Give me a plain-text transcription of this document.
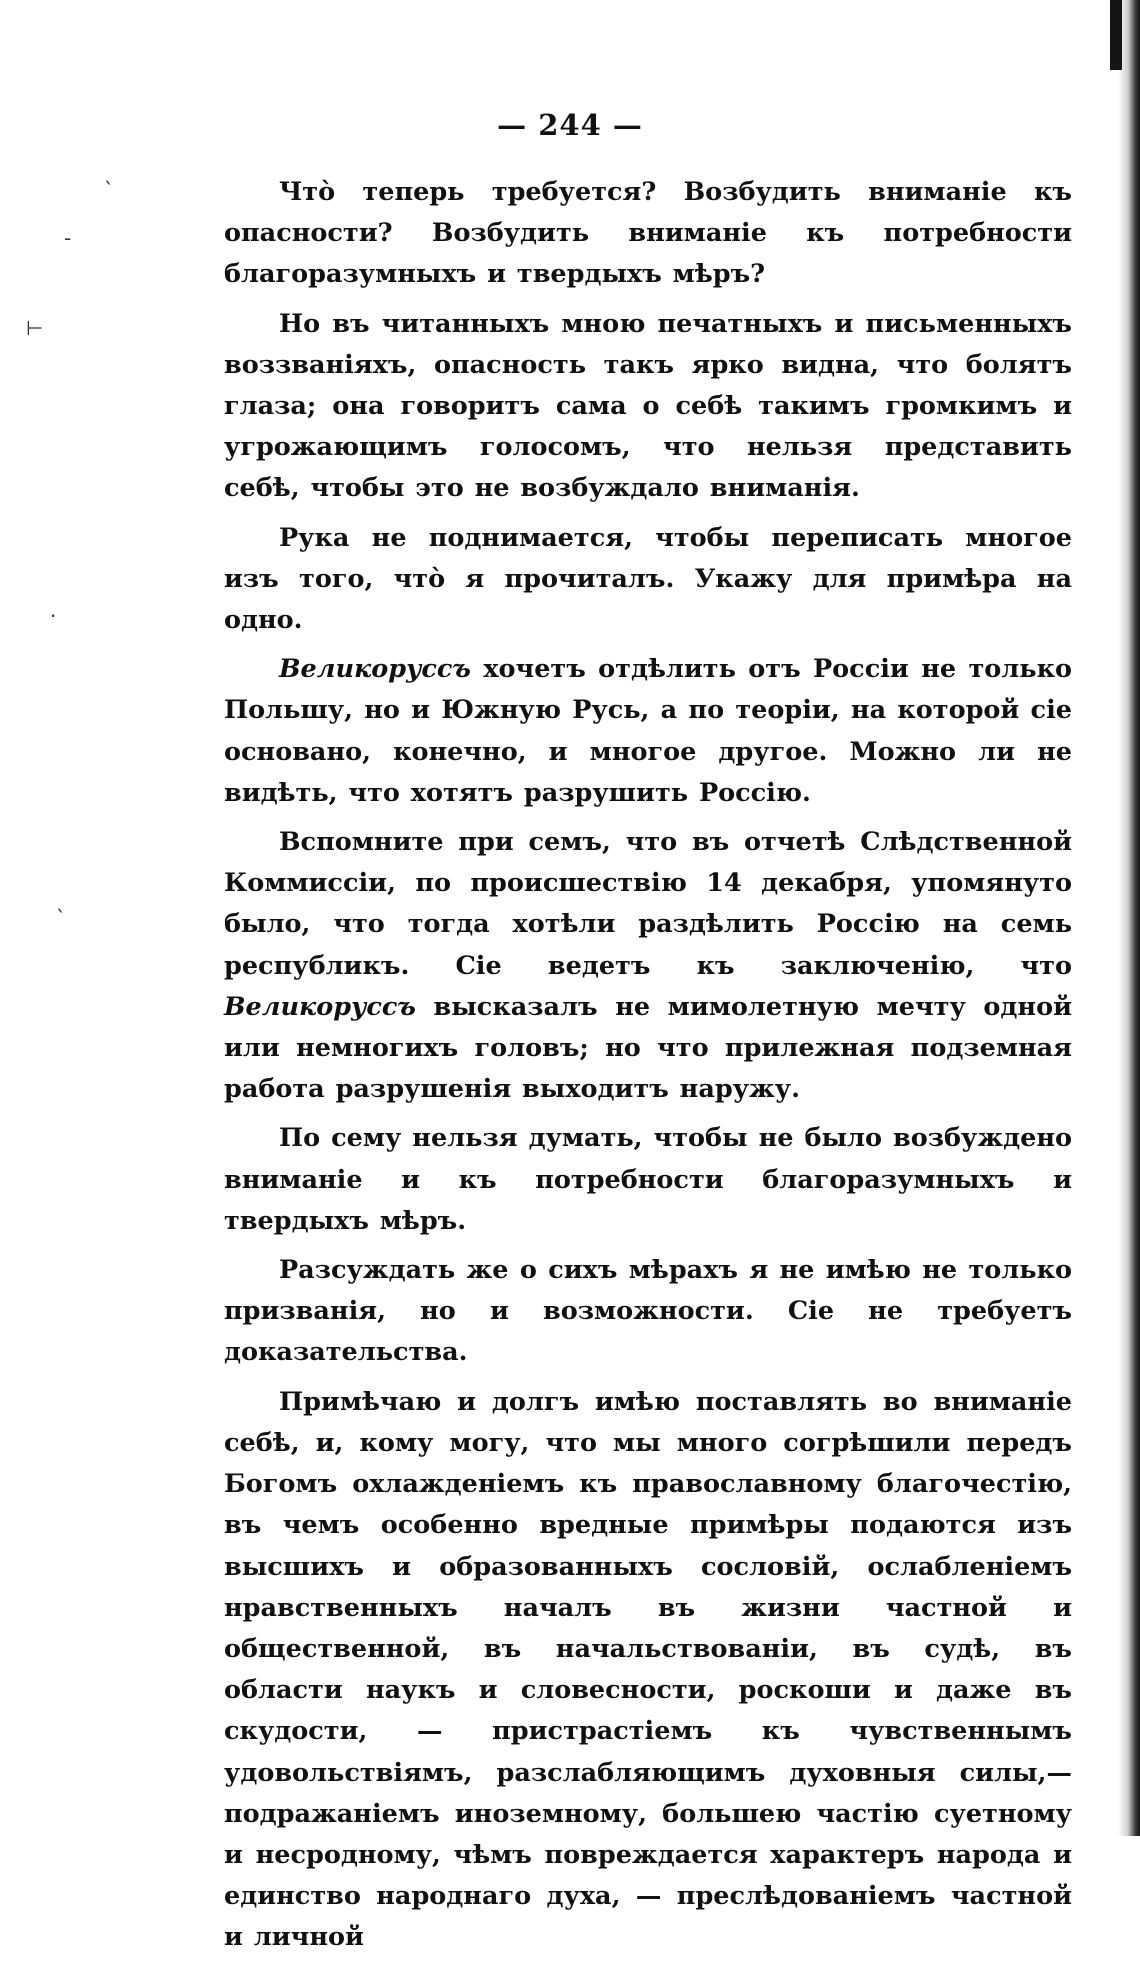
ˋ
-
⊢
·
ˋ
— 244 —

Чтò теперь требуется? Возбудить вниманіе къ опасности? Возбудить вниманіе къ потребности благоразумныхъ и твердыхъ мѣръ?

Но въ читанныхъ мною печатныхъ и письменныхъ воззваніяхъ, опасность такъ ярко видна, что болятъ глаза; она говоритъ сама о себѣ такимъ громкимъ и угрожающимъ голосомъ, что нельзя представить себѣ, чтобы это не возбуждало вниманія.

Рука не поднимается, чтобы переписать многое изъ того, чтò я прочиталъ. Укажу для примѣра на одно.

Великоруссъ хочетъ отдѣлить отъ Россіи не только Польшу, но и Южную Русь, а по теоріи, на которой сіе основано, конечно, и многое другое. Можно ли не видѣть, что хотятъ разрушить Россію.

Вспомните при семъ, что въ отчетѣ Слѣдственной Коммиссіи, по происшествію 14 декабря, упомянуто было, что тогда хотѣли раздѣлить Россію на семь республикъ. Сіе ведетъ къ заключенію, что Великоруссъ высказалъ не мимолетную мечту одной или немногихъ головъ; но что прилежная подземная работа разрушенія выходитъ наружу.

По сему нельзя думать, чтобы не было возбуждено вниманіе и къ потребности благоразумныхъ и твердыхъ мѣръ.

Разсуждать же о сихъ мѣрахъ я не имѣю не только призванія, но и возможности. Сіе не требуетъ доказательства.

Примѣчаю и долгъ имѣю поставлять во вниманіе себѣ, и, кому могу, что мы много согрѣшили передъ Богомъ охлажденіемъ къ православному благочестію, въ чемъ особенно вредные примѣры подаются изъ высшихъ и образованныхъ сословій, ослабленіемъ нравственныхъ началъ въ жизни частной и общественной, въ начальствованіи, въ судѣ, въ области наукъ и словесности, роскоши и даже въ скудости, — пристрастіемъ къ чувственнымъ удовольствіямъ, разслабляющимъ духовныя силы,—подражаніемъ иноземному, большею частію суетному и несродному, чѣмъ повреждается характеръ народа и единство народнаго духа, — преслѣдованіемъ частной и личной
